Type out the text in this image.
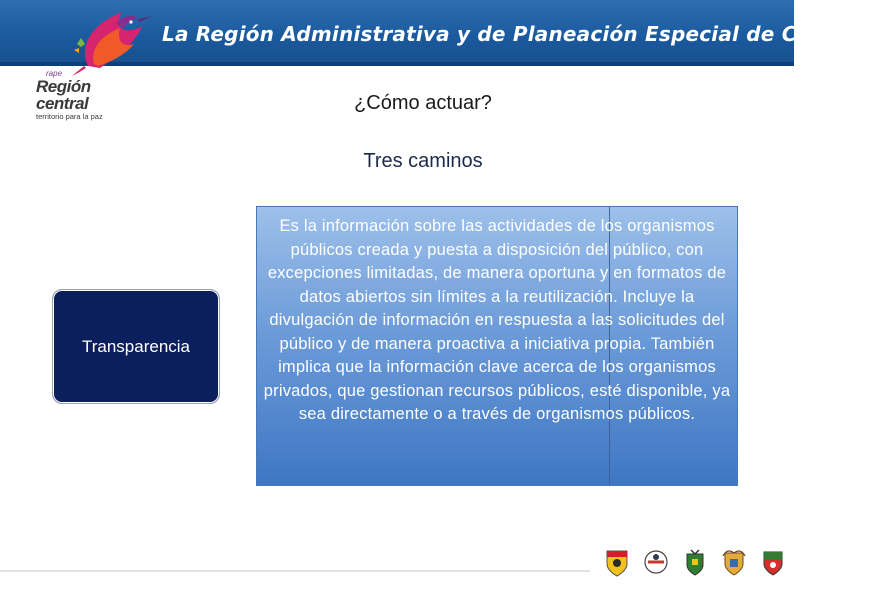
La Región Administrativa y de Planeación Especial de Colombia
rape
Región central
territorio para la paz
¿Cómo actuar?
Tres caminos
Transparencia
Es la información sobre las actividades de los organismos públicos creada y puesta a disposición del público, con excepciones limitadas, de manera oportuna y en formatos de datos abiertos sin límites a la reutilización. Incluye la divulgación de información en respuesta a las solicitudes del público y de manera proactiva a iniciativa propia. También implica que la información clave acerca de los organismos privados, que gestionan recursos públicos, esté disponible, ya sea directamente o a través de organismos públicos.
